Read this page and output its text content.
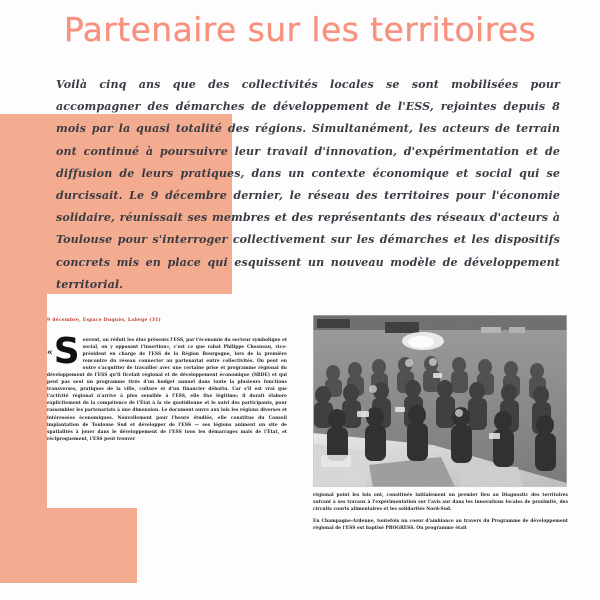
Partenaire sur les territoires
Voilà cinq ans que des collectivités locales se sont mobilisées pour accompagner des démarches de développement de l'ESS, rejointes depuis 8 mois par la quasi totalité des régions. Simultanément, les acteurs de terrain ont continué à poursuivre leur travail d'innovation, d'expérimentation et de diffusion de leurs pratiques, dans un contexte économique et social qui se durcissait. Le 9 décembre dernier, le réseau des territoires pour l'économie solidaire, réunissait ses membres et des représentants des réseaux d'acteurs à Toulouse pour s'interroger collectivement sur les démarches et les dispositifs concrets mis en place qui esquissent un nouveau modèle de développement territorial.
9 décembre, Espace Duquès, Labège (31)
« S ouvent, on réduit les élus présents l'ESS, par l'économie du secteur symbolique et social, on y opposant l'insertion», c'est ce que rabat Philippe Chesneau, vice-président en charge de l'ESS de la Région Bourgogne, lors de la première rencontre du réseau connecter au partenariat entre collectivités. On peut en outre s'acquitter de travailler avec une certaine prise et programme régional du développement de l'ESS qu'il ficelait régional et de développement économique (SRDE) et qui peut pas seul un programme tirée d'un budget annuel dans toute la plusieurs fonctions transverses, pratiques de la ville, culture et d'un financier débattu. Car s'il est vrai que l'activité régional n'arrive à plus sensible à l'ESS, elle fixe légitime; il dorait élabore explicitement de la compétence de l'État à la vie quotidienne et le suivi des participants, pour rassembler les partenariats à une dimension. Le document ouvre aux lois les régions diverses et intéressées économiques. Nouvellement pour l'heure étudiée, elle constitue du Conseil implantation de Toulouse Sud et développer de l'ESS — ses légions animent un site de spatialités à jouer dans le développement de l'ESS tous les démarrages mais de l'État, et réciproquement, l'ESS peut trouver

régional point les lois ont, constituée initialement un premier lieu au Diagnostic des territoires suivant à ses travaux à l'expérimentation sur l'avis sur dans les innovations locales de proximité, des circuits courts alimentaires et les solidarités Nord-Sud.

En Champagne-Ardenne, toutefois un coeur d'ambiance au travers du Programme de développement régional de l'ESS est baptisé PROGRESS. On programme était
